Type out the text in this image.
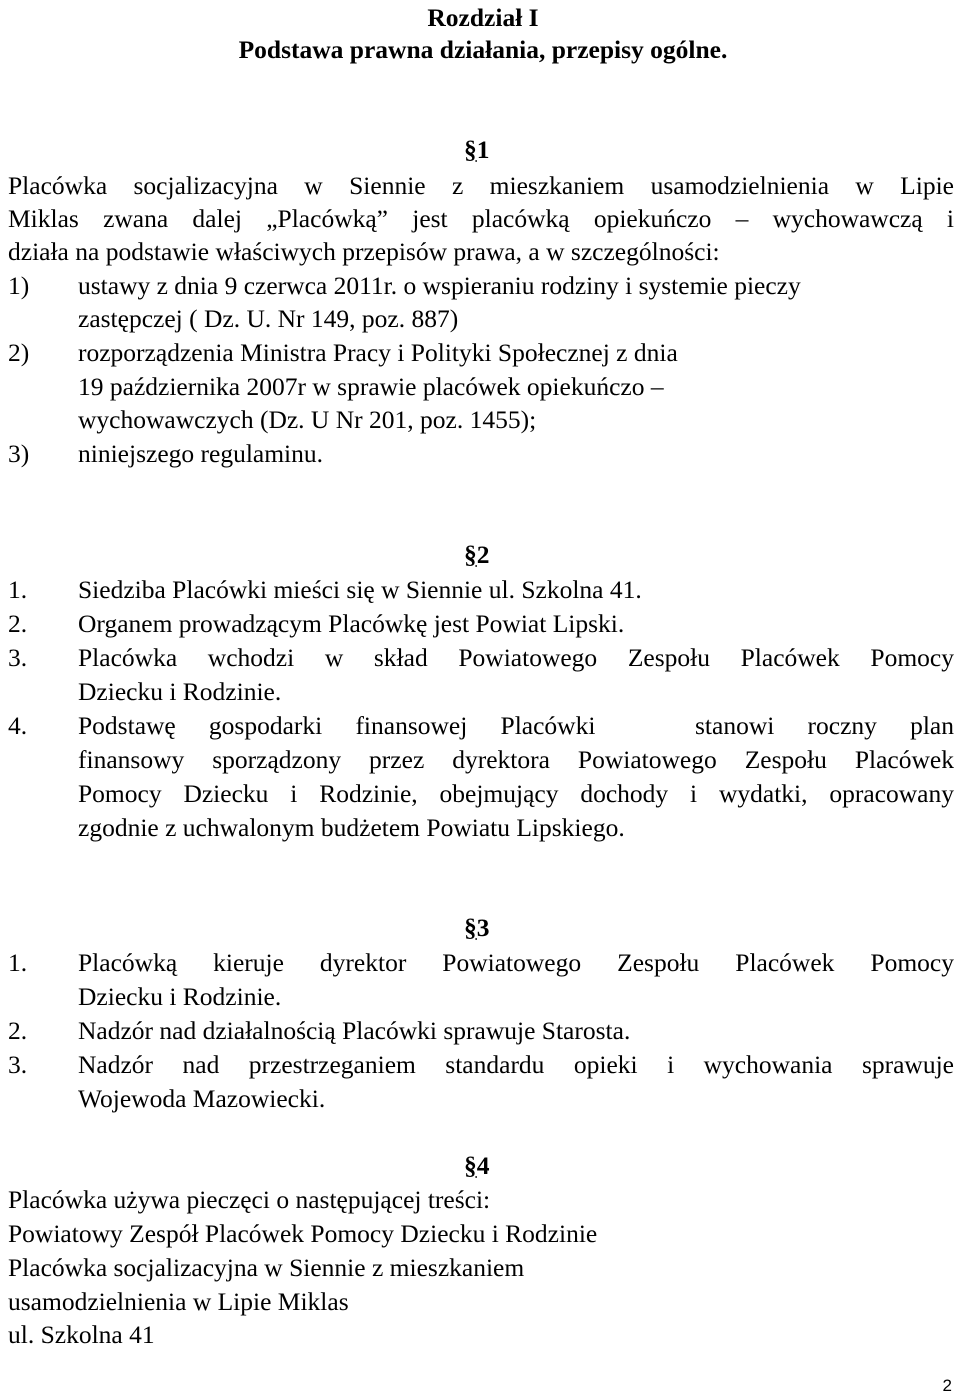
Rozdział I
Podstawa prawna działania, przepisy ogólne.
§1
Placówka socjalizacyjna w Siennie z mieszkaniem usamodzielnienia w Lipie
Miklas zwana dalej „Placówką” jest placówką opiekuńczo – wychowawczą i
działa na podstawie właściwych przepisów prawa, a w szczególności:
1) ustawy z dnia 9 czerwca 2011r. o wspieraniu rodziny i systemie pieczy
zastępczej ( Dz. U. Nr 149, poz. 887)
2) rozporządzenia Ministra Pracy i Polityki Społecznej z dnia
19 października 2007r w sprawie placówek opiekuńczo –
wychowawczych (Dz. U Nr 201, poz. 1455);
3) niniejszego regulaminu.
§2
1. Siedziba Placówki mieści się w Siennie ul. Szkolna 41.
2. Organem prowadzącym Placówkę jest Powiat Lipski.
3. Placówka wchodzi w skład Powiatowego Zespołu Placówek Pomocy
Dziecku i Rodzinie.
4. Podstawę gospodarki finansowej Placówki   stanowi roczny plan
finansowy sporządzony przez dyrektora Powiatowego Zespołu Placówek
Pomocy Dziecku i Rodzinie, obejmujący dochody i wydatki, opracowany
zgodnie z uchwalonym budżetem Powiatu Lipskiego.
§3
1. Placówką kieruje dyrektor Powiatowego Zespołu Placówek Pomocy
Dziecku i Rodzinie.
2. Nadzór nad działalnością Placówki sprawuje Starosta.
3. Nadzór nad przestrzeganiem standardu opieki i wychowania sprawuje
Wojewoda Mazowiecki.
§4
Placówka używa pieczęci o następującej treści:
Powiatowy Zespół Placówek Pomocy Dziecku i Rodzinie
Placówka socjalizacyjna w Siennie z mieszkaniem
usamodzielnienia w Lipie Miklas
ul. Szkolna 41
2
